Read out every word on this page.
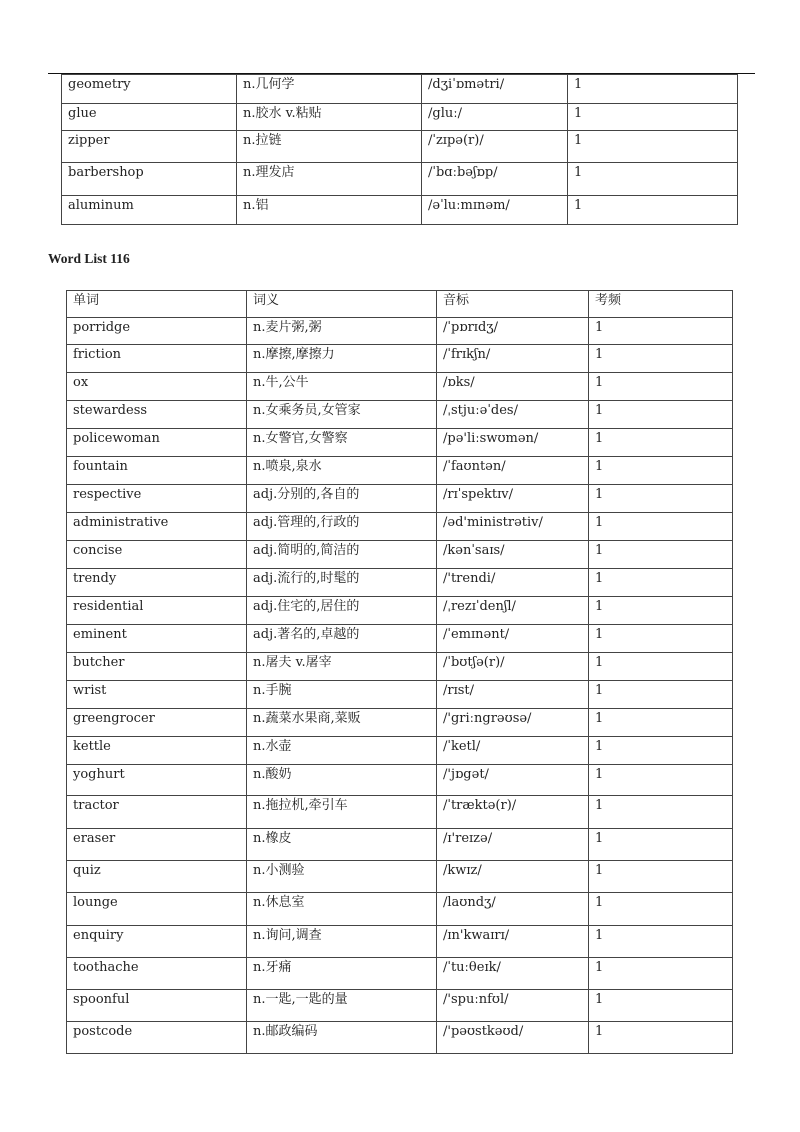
geometry	n.几何学	/dʒiˈɒmətri/	1
glue	n.胶水 v.粘贴	/gluː/	1
zipper	n.拉链	/ˈzɪpə(r)/	1
barbershop	n.理发店	/ˈbɑːbəʃɒp/	1
aluminum	n.铝	/əˈluːmɪnəm/	1
Word List 116
单词	词义	音标	考频
porridge	n.麦片粥,粥	/ˈpɒrɪdʒ/	1
friction	n.摩擦,摩擦力	/ˈfrɪkʃn/	1
ox	n.牛,公牛	/ɒks/	1
stewardess	n.女乘务员,女管家	/ˌstjuːəˈdes/	1
policewoman	n.女警官,女警察	/pə'liːswʊmən/	1
fountain	n.喷泉,泉水	/ˈfaʊntən/	1
respective	adj.分别的,各自的	/rɪˈspektɪv/	1
administrative	adj.管理的,行政的	/əd'ministrətiv/	1
concise	adj.简明的,简洁的	/kənˈsaɪs/	1
trendy	adj.流行的,时髦的	/'trendi/	1
residential	adj.住宅的,居住的	/ˌrezɪˈdenʃl/	1
eminent	adj.著名的,卓越的	/ˈemɪnənt/	1
butcher	n.屠夫 v.屠宰	/ˈbʊtʃə(r)/	1
wrist	n.手腕	/rɪst/	1
greengrocer	n.蔬菜水果商,菜贩	/'griːngrəʊsə/	1
kettle	n.水壶	/ˈketl/	1
yoghurt	n.酸奶	/'jɒgət/	1
tractor	n.拖拉机,牵引车	/ˈtræktə(r)/	1
eraser	n.橡皮	/ɪ'reɪzə/	1
quiz	n.小测验	/kwɪz/	1
lounge	n.休息室	/laʊndʒ/	1
enquiry	n.询问,调查	/ɪn'kwaɪrɪ/	1
toothache	n.牙痛	/ˈtuːθeɪk/	1
spoonful	n.一匙,一匙的量	/'spuːnfʊl/	1
postcode	n.邮政编码	/'pəʊstkəʊd/	1
